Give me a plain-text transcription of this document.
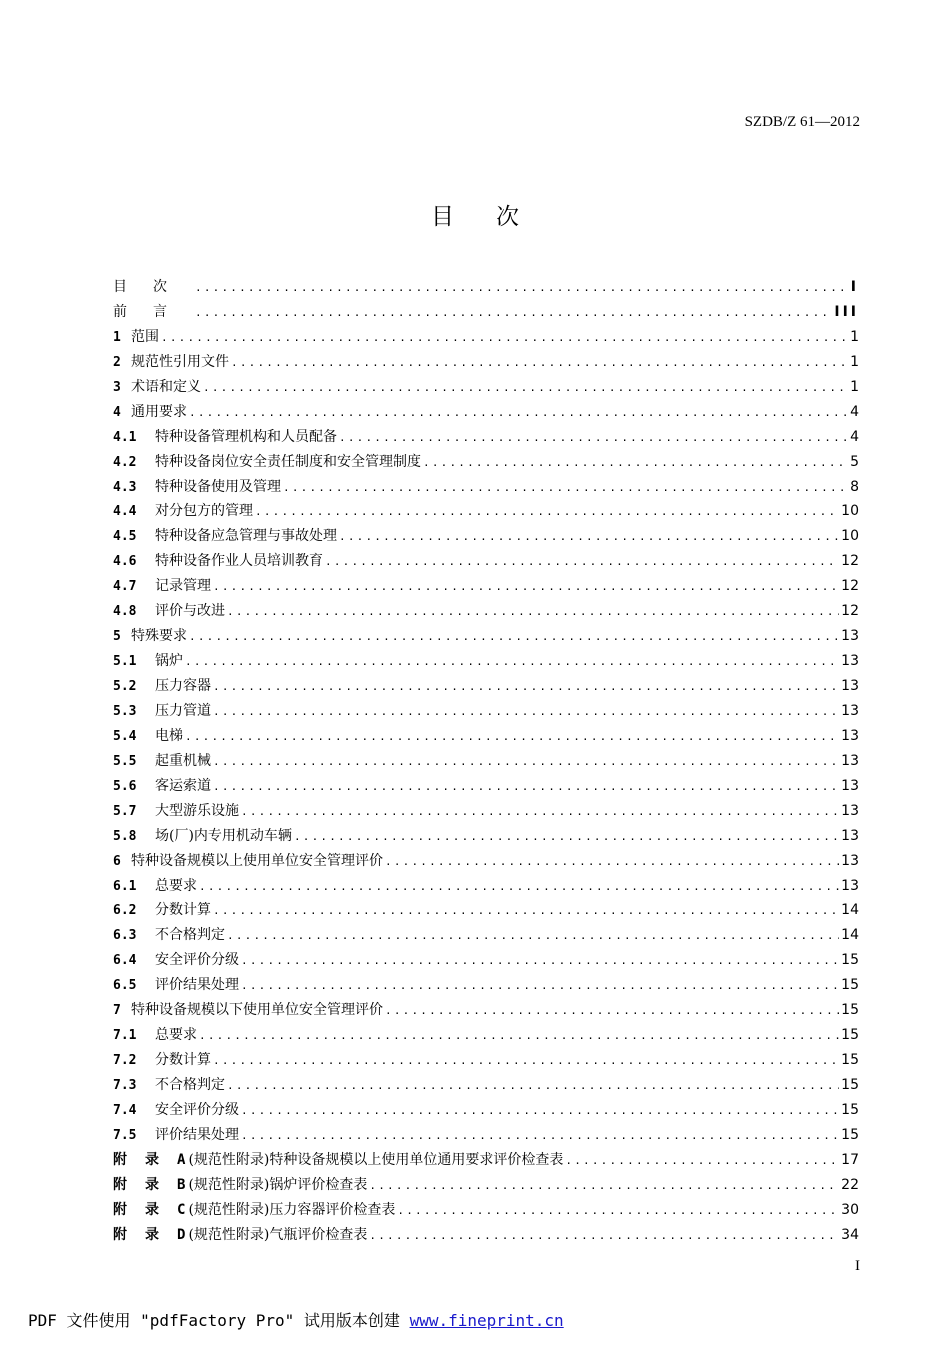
SZDB/Z 61—2012
目次
目次 .....	I
前言 .....	III
1 范围 .....	1
2 规范性引用文件 .....	1
3 术语和定义 .....	1
4 通用要求 .....	4
4.1 特种设备管理机构和人员配备 .....	4
4.2 特种设备岗位安全责任制度和安全管理制度 .....	5
4.3 特种设备使用及管理 .....	8
4.4 对分包方的管理 .....	10
4.5 特种设备应急管理与事故处理 .....	10
4.6 特种设备作业人员培训教育 .....	12
4.7 记录管理 .....	12
4.8 评价与改进 .....	12
5 特殊要求 .....	13
5.1 锅炉 .....	13
5.2 压力容器 .....	13
5.3 压力管道 .....	13
5.4 电梯 .....	13
5.5 起重机械 .....	13
5.6 客运索道 .....	13
5.7 大型游乐设施 .....	13
5.8 场(厂)内专用机动车辆 .....	13
6 特种设备规模以上使用单位安全管理评价 .....	13
6.1 总要求 .....	13
6.2 分数计算 .....	14
6.3 不合格判定 .....	14
6.4 安全评价分级 .....	15
6.5 评价结果处理 .....	15
7 特种设备规模以下使用单位安全管理评价 .....	15
7.1 总要求 .....	15
7.2 分数计算 .....	15
7.3 不合格判定 .....	15
7.4 安全评价分级 .....	15
7.5 评价结果处理 .....	15
附录A (规范性附录)特种设备规模以上使用单位通用要求评价检查表 .....	17
附录B (规范性附录)锅炉评价检查表 .....	22
附录C (规范性附录)压力容器评价检查表 .....	30
附录D (规范性附录)气瓶评价检查表 .....	34
I
PDF 文件使用 "pdfFactory Pro" 试用版本创建 www.fineprint.cn
